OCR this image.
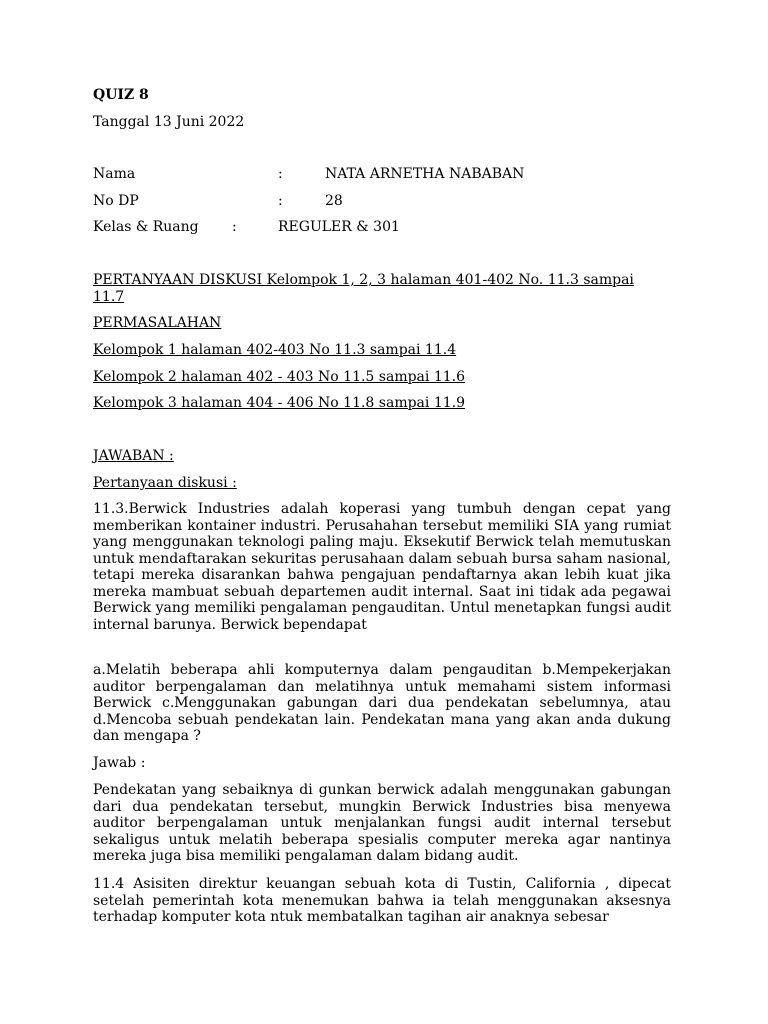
QUIZ 8
Tanggal 13 Juni 2022
Nama	:	NATA ARNETHA NABABAN
No DP	:	28
Kelas & Ruang :	REGULER & 301
PERTANYAAN DISKUSI Kelompok 1, 2, 3 halaman 401-402 No. 11.3 sampai 11.7
PERMASALAHAN
Kelompok 1 halaman 402-403 No 11.3 sampai 11.4
Kelompok 2 halaman 402 - 403 No 11.5 sampai 11.6
Kelompok 3 halaman 404 - 406 No 11.8 sampai 11.9
JAWABAN :
Pertanyaan diskusi :

11.3.Berwick Industries adalah koperasi yang tumbuh dengan cepat yang memberikan kontainer industri. Perusahahan tersebut memiliki SIA yang rumiat yang menggunakan teknologi paling maju. Eksekutif Berwick telah memutuskan untuk mendaftarakan sekuritas perusahaan dalam sebuah bursa saham nasional, tetapi mereka disarankan bahwa pengajuan pendaftarnya akan lebih kuat jika mereka mambuat sebuah departemen audit internal. Saat ini tidak ada pegawai Berwick yang memiliki pengalaman pengauditan. Untul menetapkan fungsi audit internal barunya. Berwick bependapat

a.Melatih beberapa ahli komputernya dalam pengauditan b.Mempekerjakan auditor berpengalaman dan melatihnya untuk memahami sistem informasi Berwick c.Menggunakan gabungan dari dua pendekatan sebelumnya, atau d.Mencoba sebuah pendekatan lain. Pendekatan mana yang akan anda dukung dan mengapa ?

Jawab :

Pendekatan yang sebaiknya di gunkan berwick adalah menggunakan gabungan dari dua pendekatan tersebut, mungkin Berwick Industries bisa menyewa auditor berpengalaman untuk menjalankan fungsi audit internal tersebut sekaligus untuk melatih beberapa spesialis computer mereka agar nantinya mereka juga bisa memiliki pengalaman dalam bidang audit.

11.4 Asisiten direktur keuangan sebuah kota di Tustin, California , dipecat setelah pemerintah kota menemukan bahwa ia telah menggunakan aksesnya terhadap komputer kota ntuk membatalkan tagihan air anaknya sebesar
